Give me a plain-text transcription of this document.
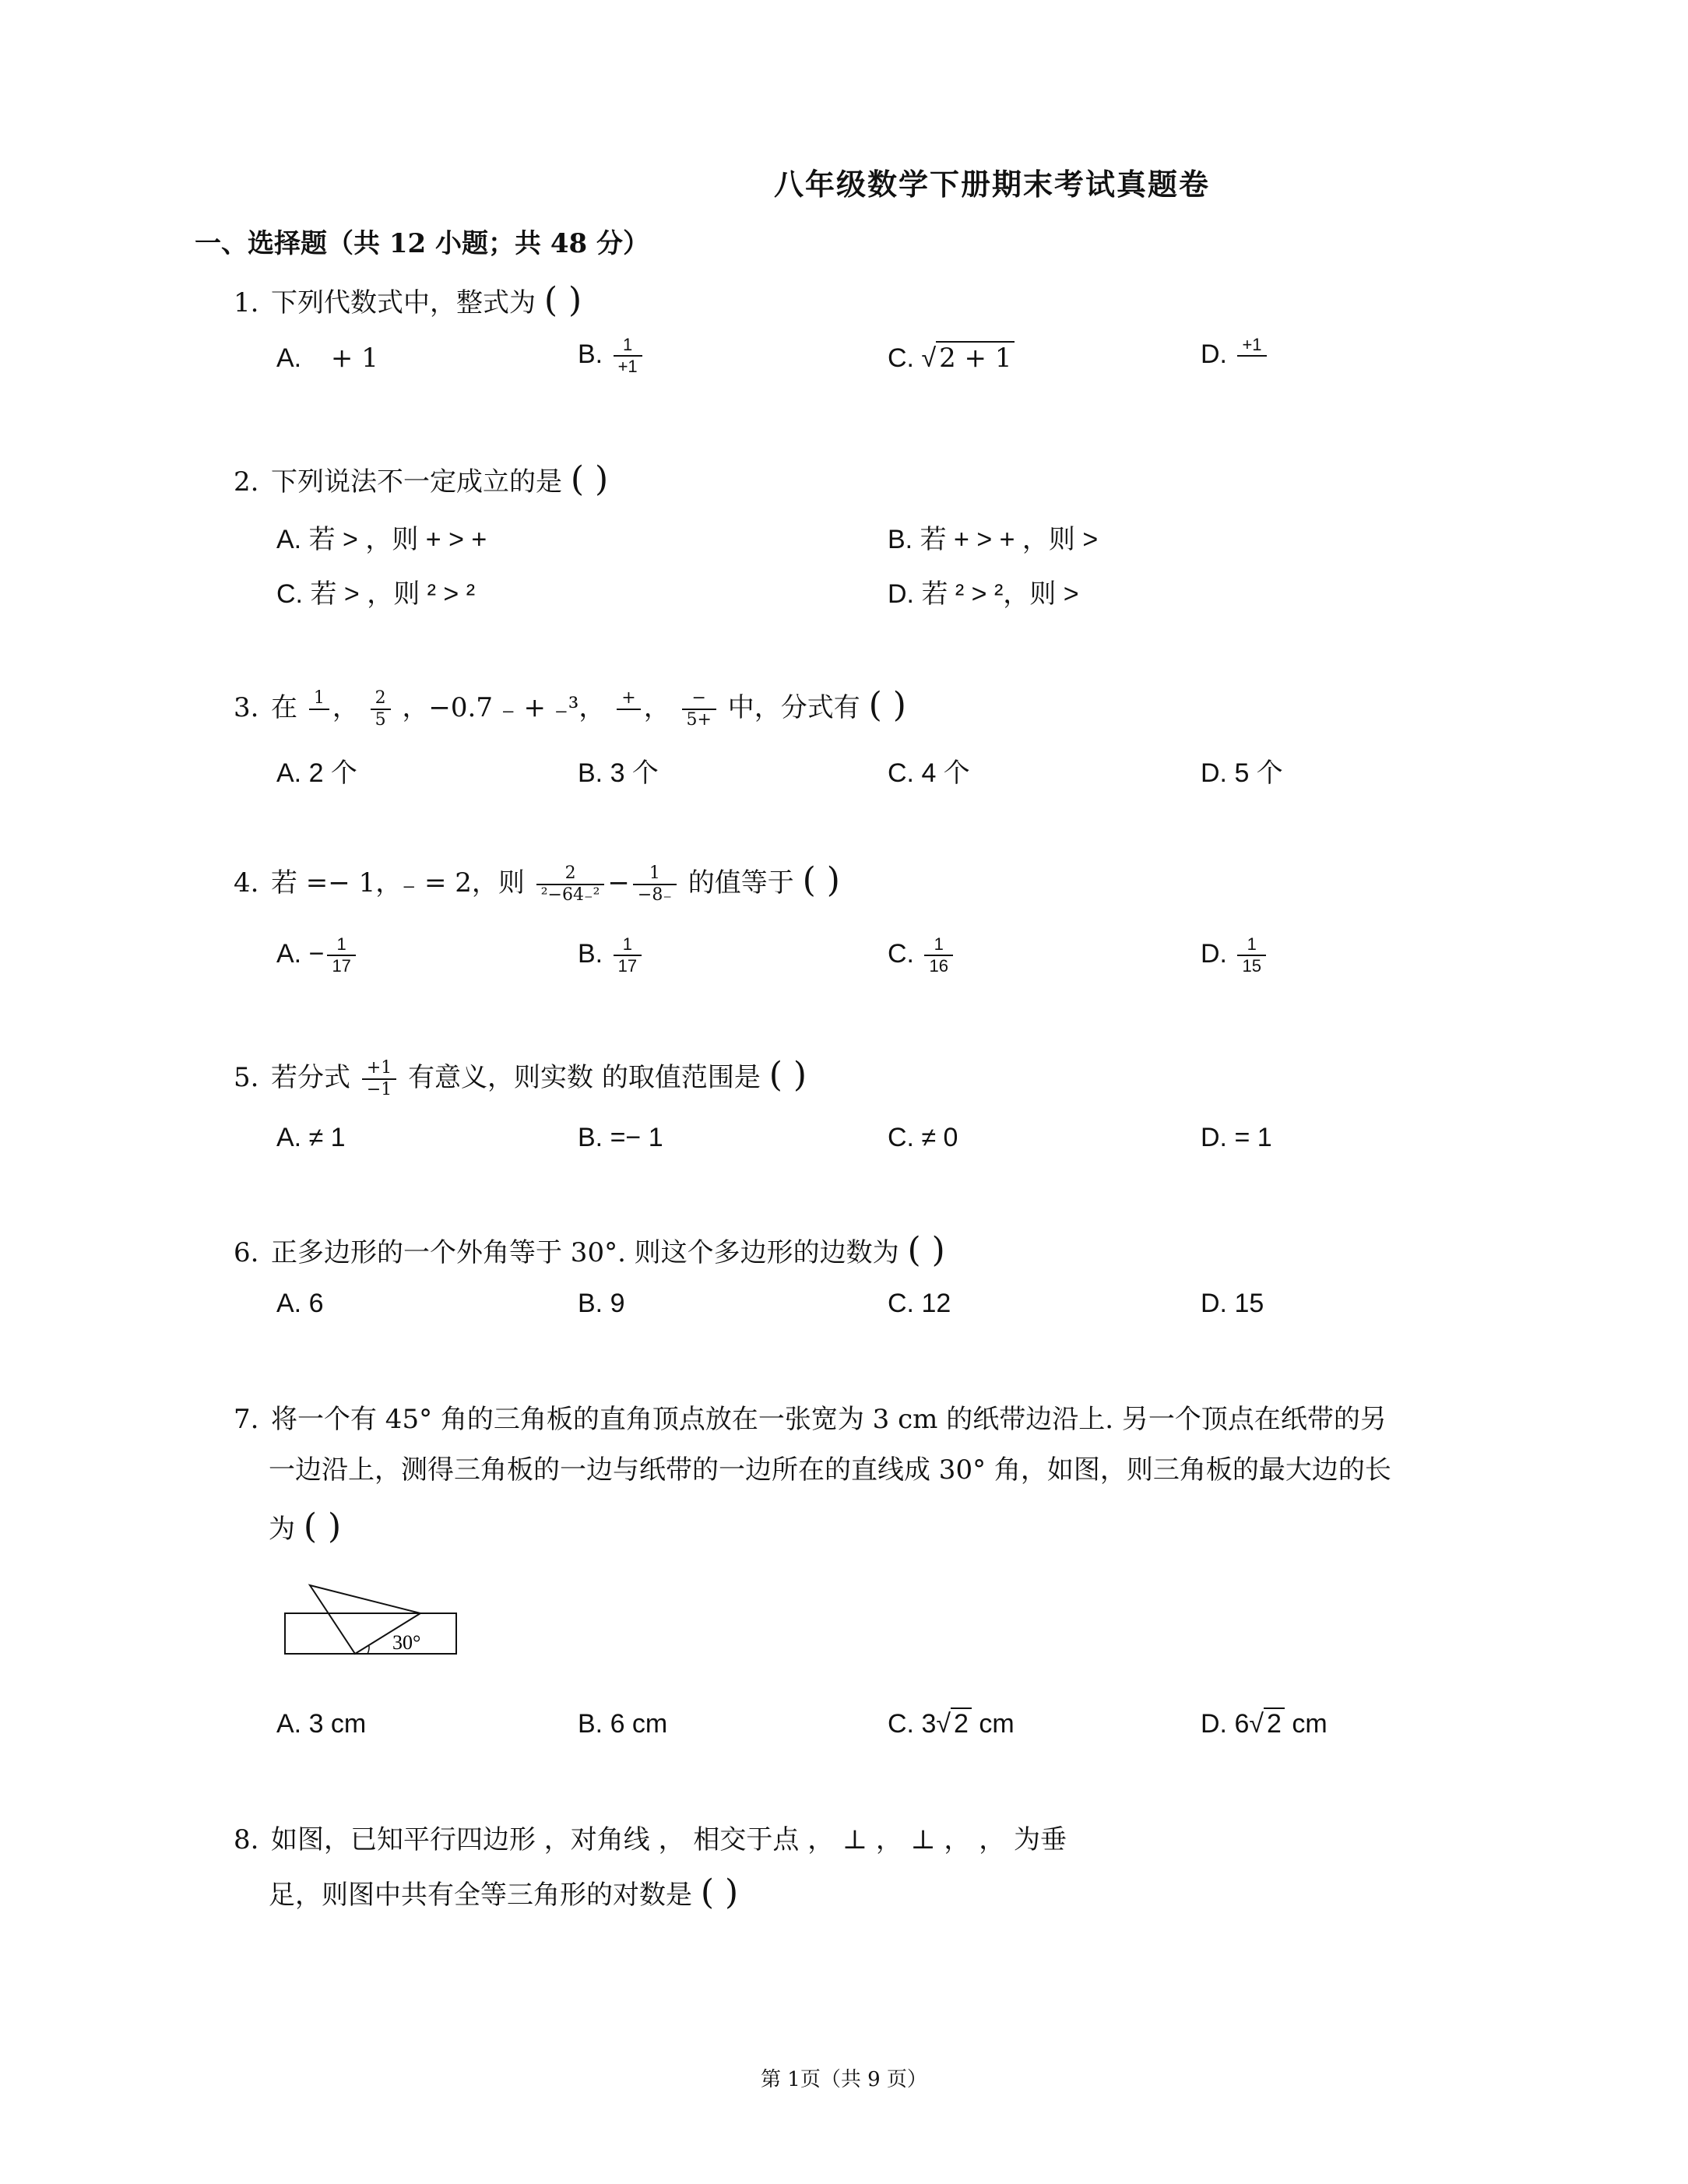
八年级数学下册期末考试真题卷
一、选择题（共 12 小题；共 48 分）
1. 下列代数式中，整式为 ( )
A. + 1	B. $\frac{1}{+1}$	C. √ 2 + 1	D. +1

2. 下列说法不一定成立的是 ( )
A. 若 > ，则 + > +	B. 若 + > + ，则 >
C. 若 > ，则 ² > ²	D. 若 ² > ²，则 >
3. 在 1
， $\frac{2}{5}$ ，−0.7 ₋ + ₋³， +
， $\frac{-}{5+}$ 中，分式有 ( )
A. 2 个	B. 3 个	C. 4 个	D. 5 个
4. 若 =− 1，₋ = 2，则 $\frac{2}{\text{²−64₋²}} - \frac{1}{-8_-}$ 的值等于 ( )
A. − $\frac{1}{17}$	B. $\frac{1}{17}$	C. $\frac{1}{16}$	D. $\frac{1}{15}$
5. 若分式 $\frac{+1}{-1}$ 有意义，则实数 的取值范围是 ( )
A. ≠ 1	B. =− 1	C. ≠ 0	D. = 1
6. 正多边形的一个外角等于 30°. 则这个多边形的边数为 ( )
A. 6	B. 9	C. 12	D. 15
7. 将一个有 45° 角的三角板的直角顶点放在一张宽为 3 cm 的纸带边沿上. 另一个顶点在纸带的另
一边沿上，测得三角板的一边与纸带的一边所在的直线成 30° 角，如图，则三角板的最大边的长
为 ( )
30°
A. 3 cm	B. 6 cm	C. 3√ 2 cm	D. 6√ 2 cm
8. 如图，已知平行四边形 ，对角线 ， 相交于点 ， ⊥ ， ⊥ ， ， 为垂
足，则图中共有全等三角形的对数是 ( )
第 1页（共 9 页）
